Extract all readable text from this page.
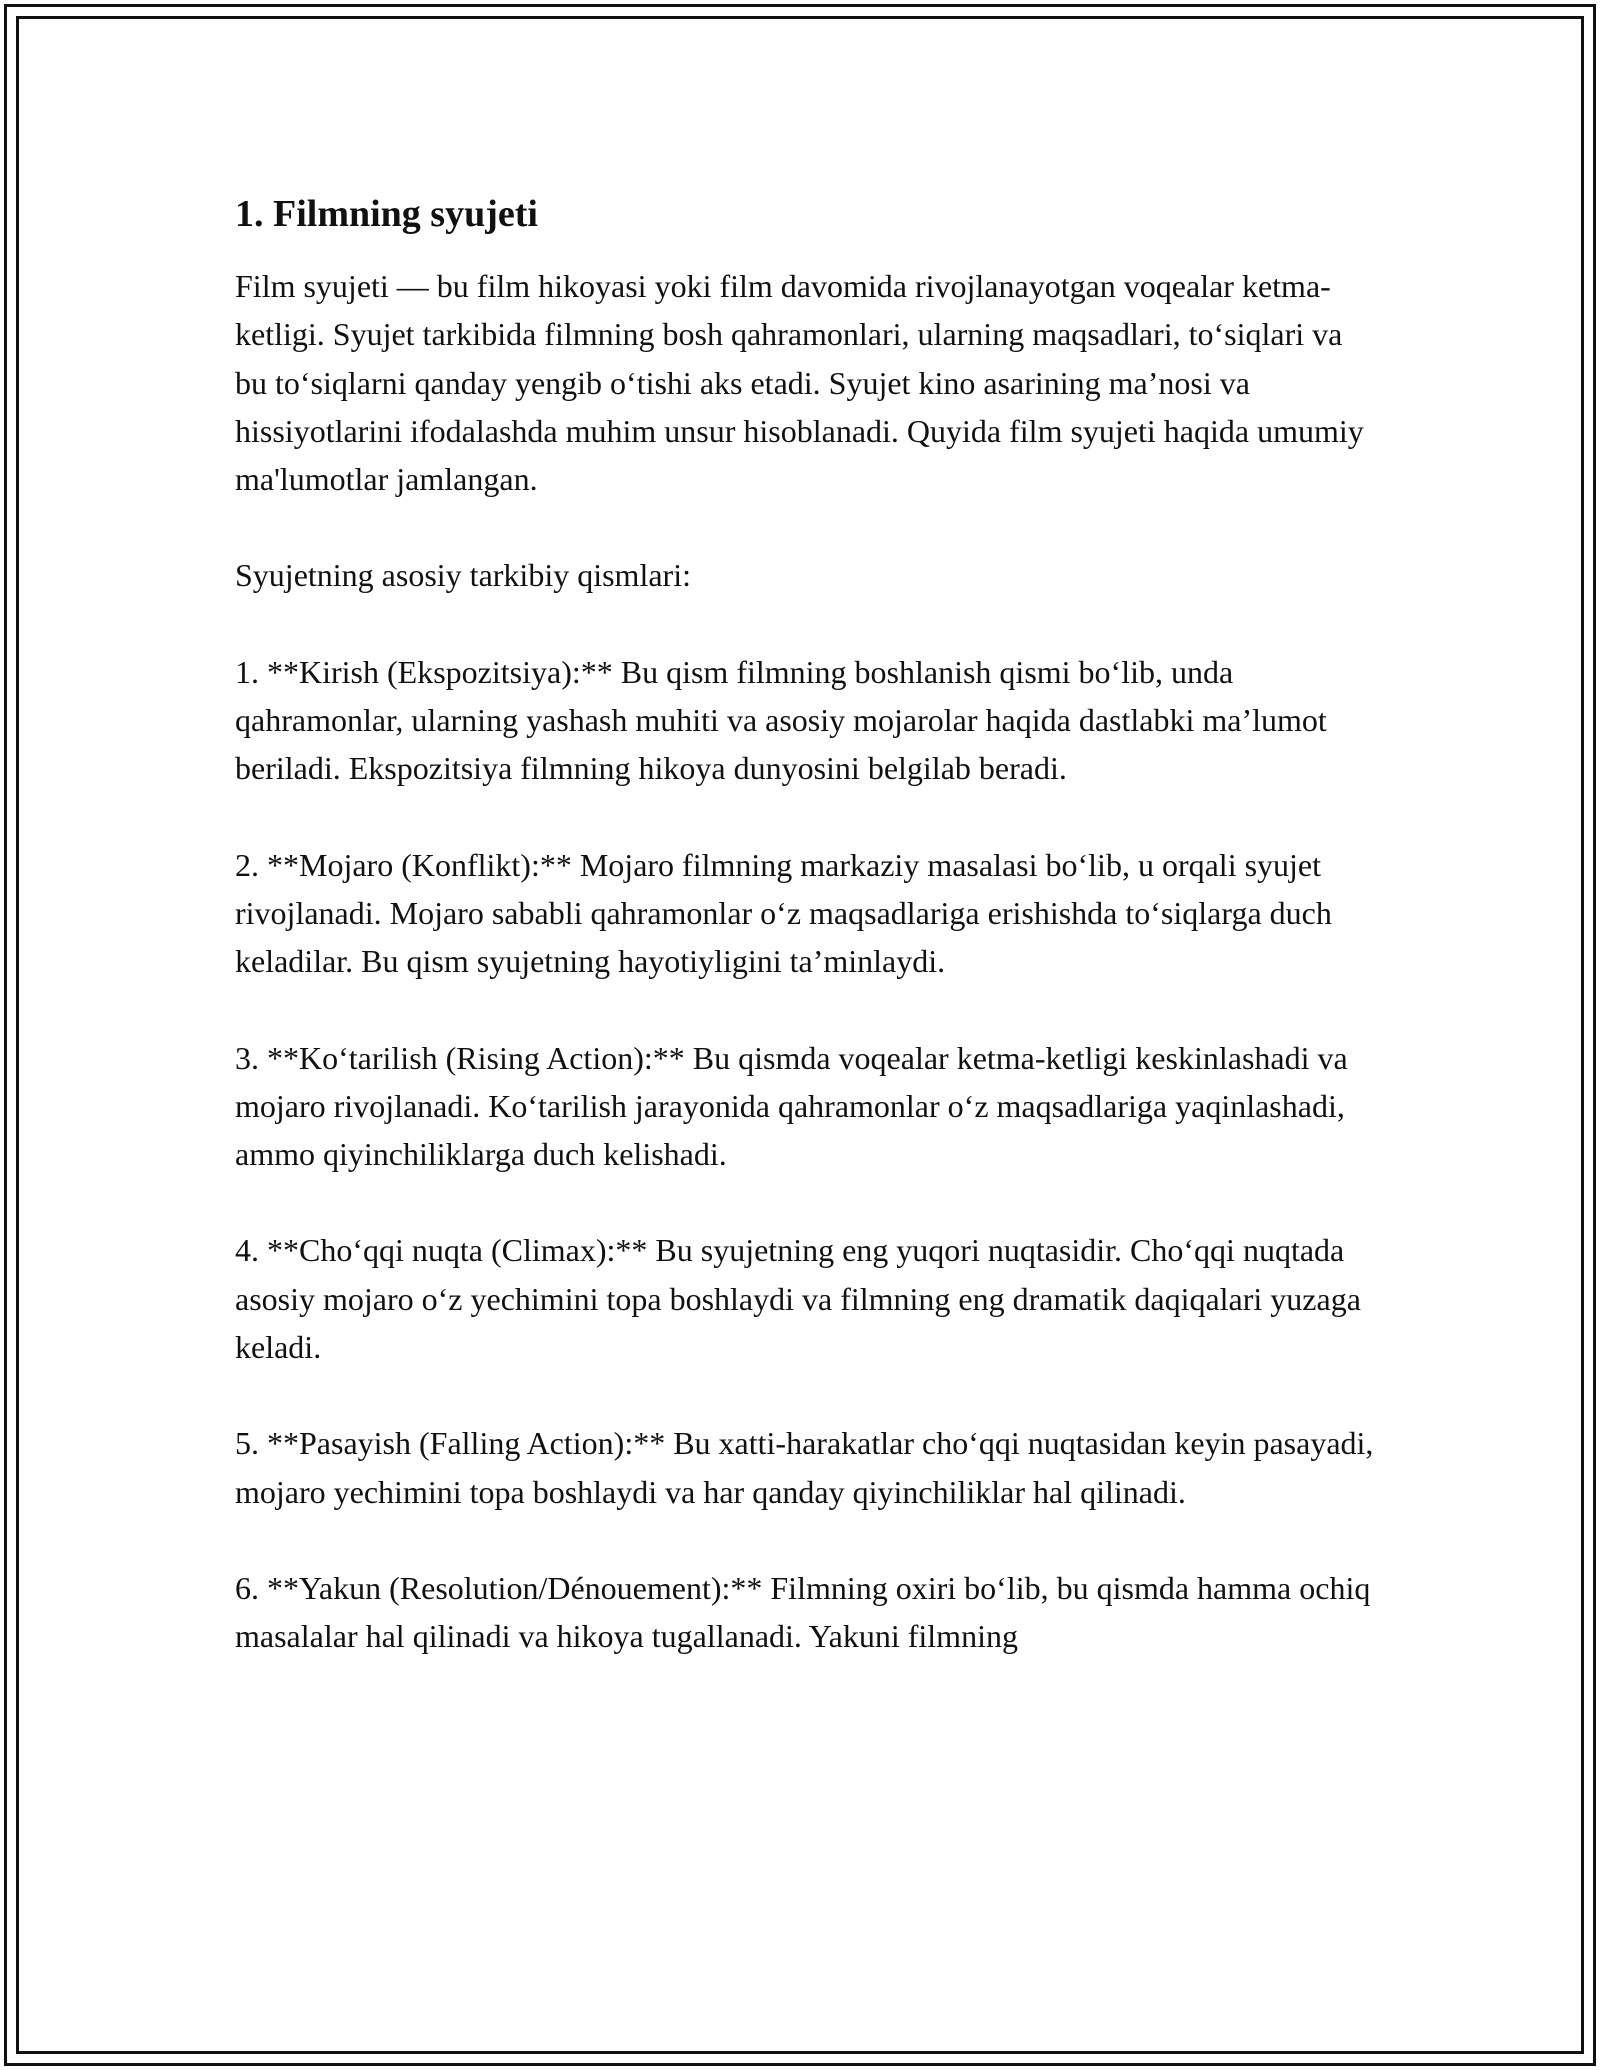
1. Filmning syujeti

Film syujeti — bu film hikoyasi yoki film davomida rivojlanayotgan voqealar ketma-ketligi. Syujet tarkibida filmning bosh qahramonlari, ularning maqsadlari, to‘siqlari va bu to‘siqlarni qanday yengib o‘tishi aks etadi. Syujet kino asarining ma’nosi va hissiyotlarini ifodalashda muhim unsur hisoblanadi. Quyida film syujeti haqida umumiy ma'lumotlar jamlangan.

Syujetning asosiy tarkibiy qismlari:

1. **Kirish (Ekspozitsiya):** Bu qism filmning boshlanish qismi bo‘lib, unda qahramonlar, ularning yashash muhiti va asosiy mojarolar haqida dastlabki ma’lumot beriladi. Ekspozitsiya filmning hikoya dunyosini belgilab beradi.

2. **Mojaro (Konflikt):** Mojaro filmning markaziy masalasi bo‘lib, u orqali syujet rivojlanadi. Mojaro sababli qahramonlar o‘z maqsadlariga erishishda to‘siqlarga duch keladilar. Bu qism syujetning hayotiyligini ta’minlaydi.

3. **Ko‘tarilish (Rising Action):** Bu qismda voqealar ketma-ketligi keskinlashadi va mojaro rivojlanadi. Ko‘tarilish jarayonida qahramonlar o‘z maqsadlariga yaqinlashadi, ammo qiyinchiliklarga duch kelishadi.

4. **Cho‘qqi nuqta (Climax):** Bu syujetning eng yuqori nuqtasidir. Cho‘qqi nuqtada asosiy mojaro o‘z yechimini topa boshlaydi va filmning eng dramatik daqiqalari yuzaga keladi.

5. **Pasayish (Falling Action):** Bu xatti-harakatlar cho‘qqi nuqtasidan keyin pasayadi, mojaro yechimini topa boshlaydi va har qanday qiyinchiliklar hal qilinadi.

6. **Yakun (Resolution/Dénouement):** Filmning oxiri bo‘lib, bu qismda hamma ochiq masalalar hal qilinadi va hikoya tugallanadi. Yakuni filmning
